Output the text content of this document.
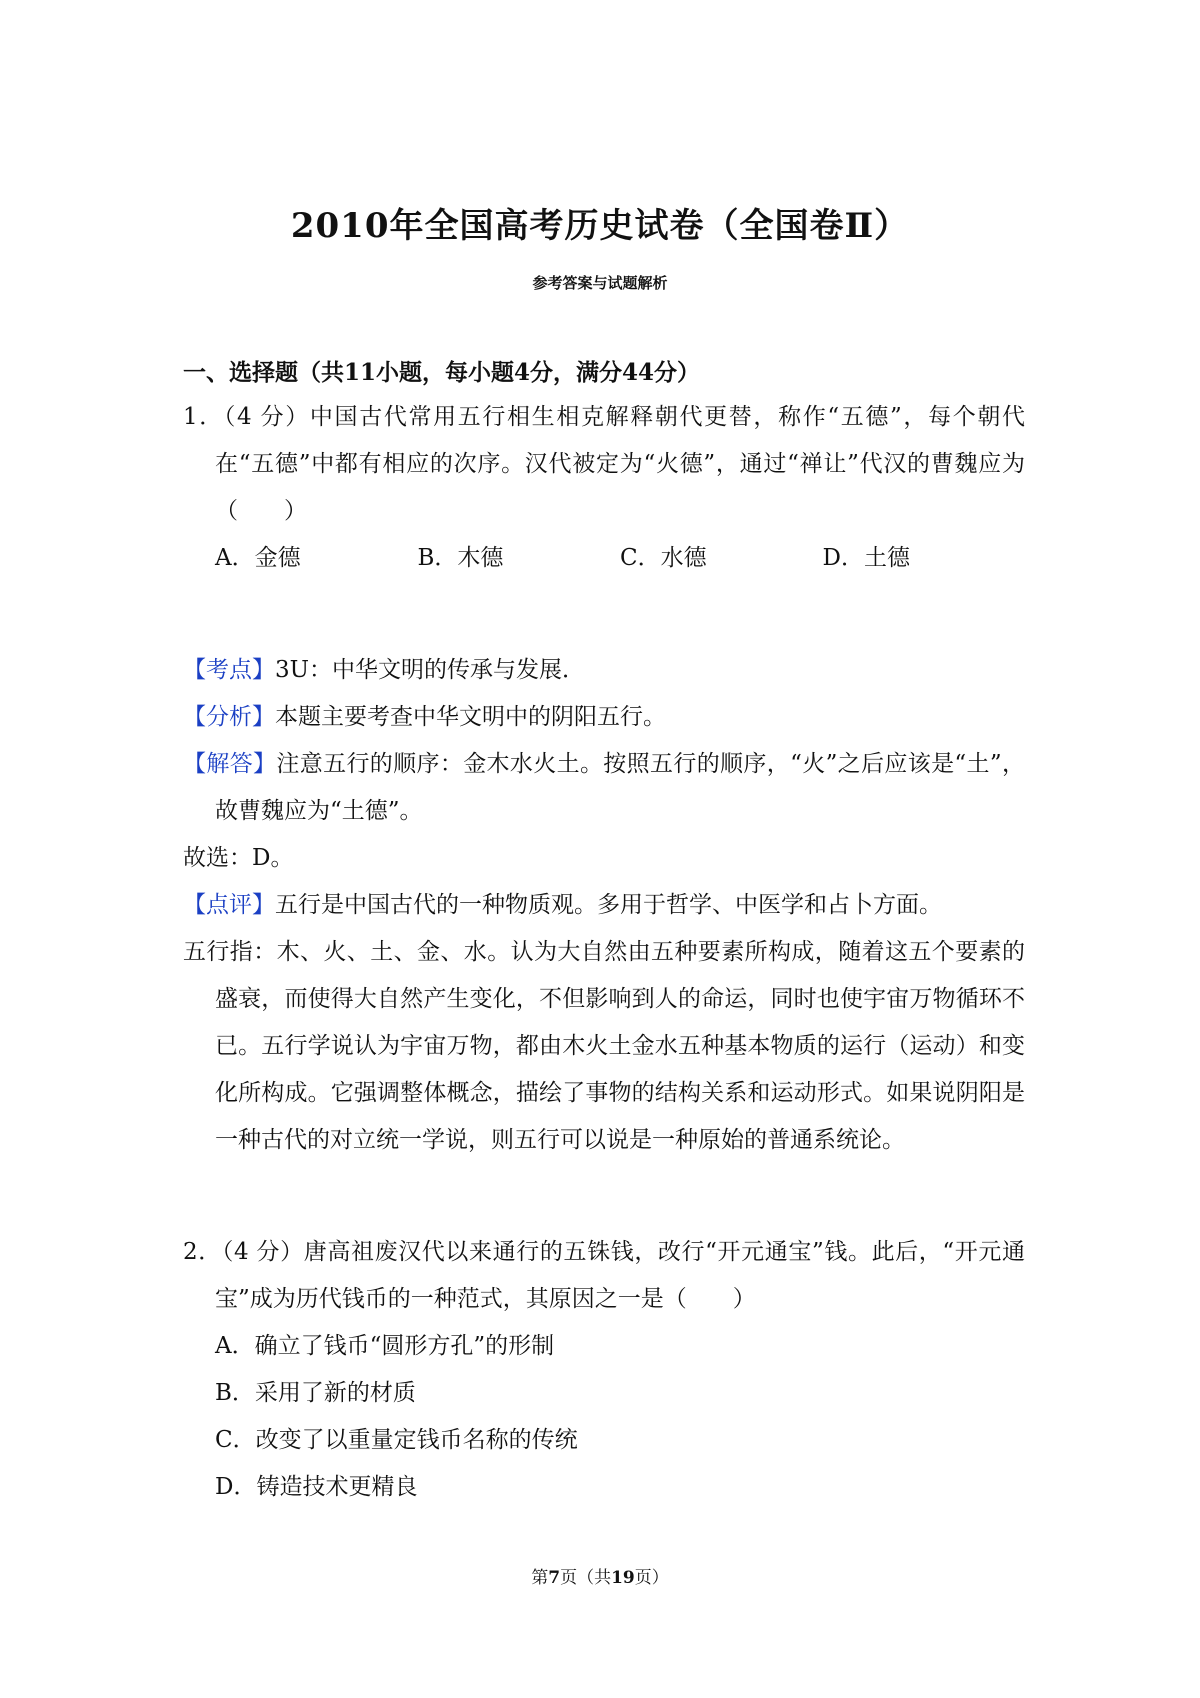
2010年全国高考历史试卷（全国卷Ⅱ）
参考答案与试题解析
一、选择题（共11小题，每小题4分，满分44分）

1．（4 分）中国古代常用五行相生相克解释朝代更替，称作“五德”，每个朝代在“五德”中都有相应的次序。汉代被定为“火德”，通过“禅让”代汉的曹魏应为（　　）

A．金德	B．木德	C．水德	D．土德

【考点】3U：中华文明的传承与发展．

【分析】本题主要考查中华文明中的阴阳五行。

【解答】注意五行的顺序：金木水火土。按照五行的顺序，“火”之后应该是“土”，故曹魏应为“土德”。

故选：D。

【点评】五行是中国古代的一种物质观。多用于哲学、中医学和占卜方面。

五行指：木、火、土、金、水。认为大自然由五种要素所构成，随着这五个要素的盛衰，而使得大自然产生变化，不但影响到人的命运，同时也使宇宙万物循环不已。五行学说认为宇宙万物，都由木火土金水五种基本物质的运行（运动）和变化所构成。它强调整体概念，描绘了事物的结构关系和运动形式。如果说阴阳是一种古代的对立统一学说，则五行可以说是一种原始的普通系统论。

2．（4 分）唐高祖废汉代以来通行的五铢钱，改行“开元通宝”钱。此后，“开元通宝”成为历代钱币的一种范式，其原因之一是（　　）

A．确立了钱币“圆形方孔”的形制
B．采用了新的材质
C．改变了以重量定钱币名称的传统
D．铸造技术更精良
第7页（共19页）
